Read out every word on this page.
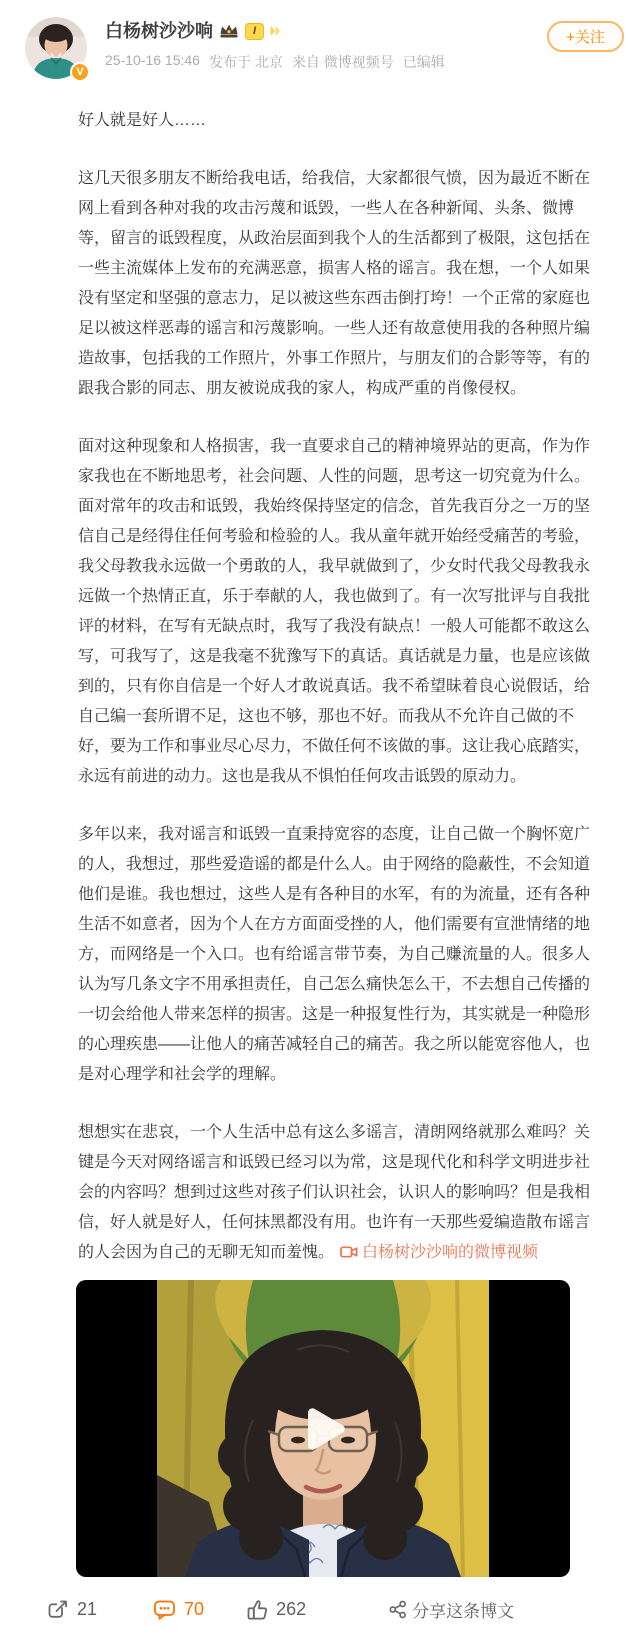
V
白杨树沙沙响	I
25-10-16 15:46 发布于 北京 来自 微博视频号 已编辑
+关注

好人就是好人……

这几天很多朋友不断给我电话，给我信，大家都很气愤，因为最近不断在网上看到各种对我的攻击污蔑和诋毁，一些人在各种新闻、头条、微博等，留言的诋毁程度，从政治层面到我个人的生活都到了极限，这包括在一些主流媒体上发布的充满恶意，损害人格的谣言。我在想，一个人如果没有坚定和坚强的意志力，足以被这些东西击倒打垮！一个正常的家庭也足以被这样恶毒的谣言和污蔑影响。一些人还有故意使用我的各种照片编造故事，包括我的工作照片，外事工作照片，与朋友们的合影等等，有的跟我合影的同志、朋友被说成我的家人，构成严重的肖像侵权。

面对这种现象和人格损害，我一直要求自己的精神境界站的更高，作为作家我也在不断地思考，社会问题、人性的问题，思考这一切究竟为什么。面对常年的攻击和诋毁，我始终保持坚定的信念，首先我百分之一万的坚信自己是经得住任何考验和检验的人。我从童年就开始经受痛苦的考验，我父母教我永远做一个勇敢的人，我早就做到了，少女时代我父母教我永远做一个热情正直，乐于奉献的人，我也做到了。有一次写批评与自我批评的材料，在写有无缺点时，我写了我没有缺点！一般人可能都不敢这么写，可我写了，这是我毫不犹豫写下的真话。真话就是力量，也是应该做到的，只有你自信是一个好人才敢说真话。我不希望昧着良心说假话，给自己编一套所谓不足，这也不够，那也不好。而我从不允许自己做的不好，要为工作和事业尽心尽力，不做任何不该做的事。这让我心底踏实，永远有前进的动力。这也是我从不惧怕任何攻击诋毁的原动力。

多年以来，我对谣言和诋毁一直秉持宽容的态度，让自己做一个胸怀宽广的人，我想过，那些爱造谣的都是什么人。由于网络的隐蔽性，不会知道他们是谁。我也想过，这些人是有各种目的水军，有的为流量，还有各种生活不如意者，因为个人在方方面面受挫的人，他们需要有宣泄情绪的地方，而网络是一个入口。也有给谣言带节奏，为自己赚流量的人。很多人认为写几条文字不用承担责任，自己怎么痛快怎么干，不去想自己传播的一切会给他人带来怎样的损害。这是一种报复性行为，其实就是一种隐形的心理疾患——让他人的痛苦减轻自己的痛苦。我之所以能宽容他人，也是对心理学和社会学的理解。

想想实在悲哀，一个人生活中总有这么多谣言，清朗网络就那么难吗？关键是今天对网络谣言和诋毁已经习以为常，这是现代化和科学文明进步社会的内容吗？想到过这些对孩子们认识社会，认识人的影响吗？但是我相信，好人就是好人，任何抹黑都没有用。也许有一天那些爱编造散布谣言的人会因为自己的无聊无知而羞愧。 白杨树沙沙响的微博视频

21	70	262	分享这条博文
